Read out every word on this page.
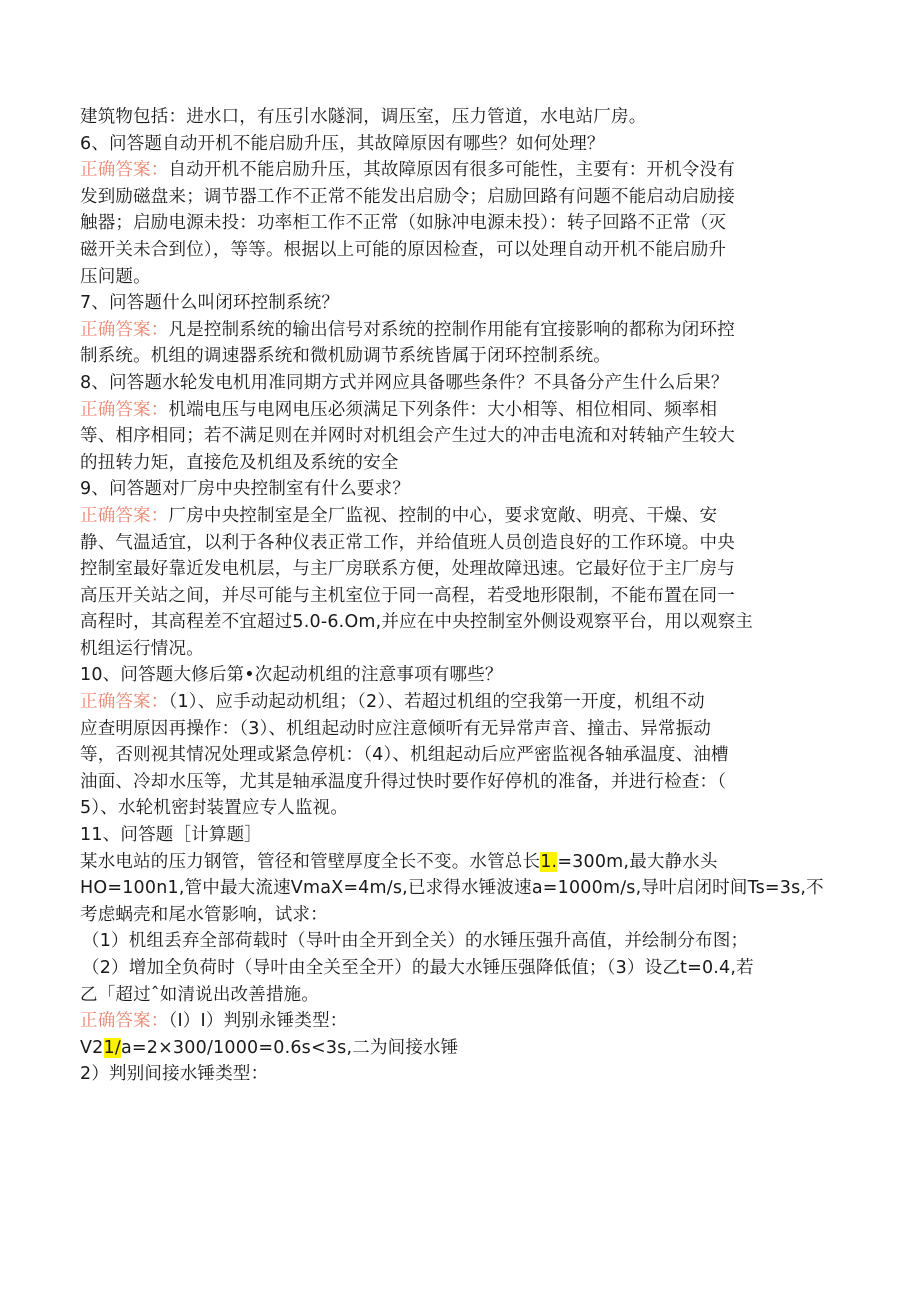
建筑物包括：进水口，有压引水隧洞，调压室，压力管道，水电站厂房。
6、问答题自动开机不能启励升压，其故障原因有哪些？如何处理？
正确答案：自动开机不能启励升压，其故障原因有很多可能性，主要有：开机令没有
发到励磁盘来；调节器工作不正常不能发出启励令；启励回路有问题不能启动启励接
触器；启励电源未投：功率柜工作不正常（如脉冲电源未投）：转子回路不正常（灭
磁开关未合到位），等等。根据以上可能的原因检查，可以处理自动开机不能启励升
压问题。
7、问答题什么叫闭环控制系统？
正确答案：凡是控制系统的输出信号对系统的控制作用能有宜接影响的都称为闭环控
制系统。机组的调速器系统和微机励调节系统皆属于闭环控制系统。
8、问答题水轮发电机用准同期方式并网应具备哪些条件？不具备分产生什么后果？
正确答案：机端电压与电网电压必须满足下列条件：大小相等、相位相同、频率相
等、相序相同；若不满足则在并网时对机组会产生过大的冲击电流和对转轴产生较大
的扭转力矩，直接危及机组及系统的安全
9、问答题对厂房中央控制室有什么要求？
正确答案：厂房中央控制室是全厂监视、控制的中心，要求宽敞、明亮、干燥、安
静、气温适宜，以利于各种仪表正常工作，并给值班人员创造良好的工作环境。中央
控制室最好靠近发电机层，与主厂房联系方便，处理故障迅速。它最好位于主厂房与
高压开关站之间，并尽可能与主机室位于同一高程，若受地形限制，不能布置在同一
高程时，其高程差不宜超过5.0-6.Om,并应在中央控制室外侧设观察平台，用以观察主
机组运行情况。
10、问答题大修后第•次起动机组的注意事项有哪些？
正确答案：（1）、应手动起动机组；（2）、若超过机组的空我第一开度，机组不动
应查明原因再操作：（3）、机组起动时应注意倾听有无异常声音、撞击、异常振动
等，否则视其情况处理或紧急停机：（4）、机组起动后应严密监视各轴承温度、油槽
油面、冷却水压等，尤其是轴承温度升得过快时要作好停机的准备，并进行检查：（
5）、水轮机密封装置应专人监视。
11、问答题［计算题］
某水电站的压力钢管，管径和管壁厚度全长不变。水管总长1.=300m,最大静水头
HO=100n1,管中最大流速VmaX=4m∕s,已求得水锤波速a=1000m∕s,导叶启闭时间Ts=3s,不
考虑蜗壳和尾水管影响，试求：
（1）机组丢弃全部荷载时（导叶由全开到全关）的水锤压强升高值，并绘制分布图；
（2）增加全负荷时（导叶由全关至全开）的最大水锤压强降低值；（3）设乙t=0.4,若
乙「超过ˆ如清说出改善措施。
正确答案：（I）I）判别永锤类型：
V21∕a=2×300/1000=0.6s<3s,二为间接水锤
2）判别间接水锤类型：
